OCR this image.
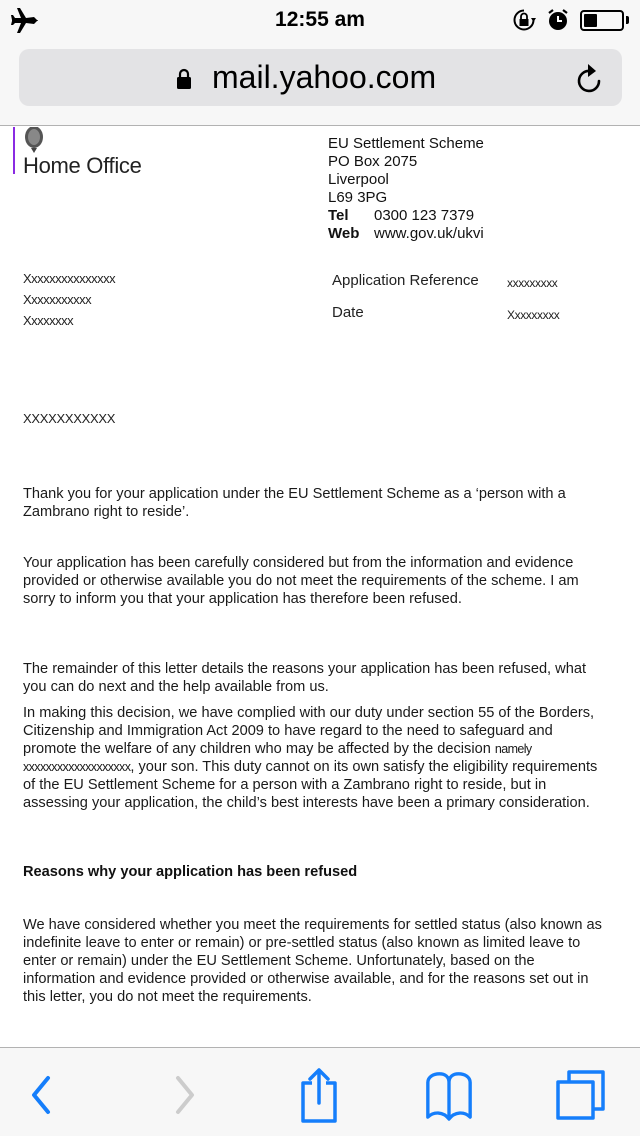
12:55 am
mail.yahoo.com
Home Office
EU Settlement Scheme
PO Box 2075
Liverpool
L69 3PG
Tel 0300 123 7379
Web www.gov.uk/ukvi
Xxxxxxxxxxxxxxx
Xxxxxxxxxxx
Xxxxxxxx
Application Reference xxxxxxxxx
Date	Xxxxxxxxx
XXXXXXXXXXX
Thank you for your application under the EU Settlement Scheme as a ‘person with a Zambrano right to reside’.
Your application has been carefully considered but from the information and evidence provided or otherwise available you do not meet the requirements of the scheme. I am sorry to inform you that your application has therefore been refused.
The remainder of this letter details the reasons your application has been refused, what you can do next and the help available from us.
In making this decision, we have complied with our duty under section 55 of the Borders, Citizenship and Immigration Act 2009 to have regard to the need to safeguard and promote the welfare of any children who may be affected by the decision namely xxxxxxxxxxxxxxxxxxx, your son. This duty cannot on its own satisfy the eligibility requirements of the EU Settlement Scheme for a person with a Zambrano right to reside, but in assessing your application, the child’s best interests have been a primary consideration.
Reasons why your application has been refused
We have considered whether you meet the requirements for settled status (also known as indefinite leave to enter or remain) or pre-settled status (also known as limited leave to enter or remain) under the EU Settlement Scheme. Unfortunately, based on the information and evidence provided or otherwise available, and for the reasons set out in this letter, you do not meet the requirements.
